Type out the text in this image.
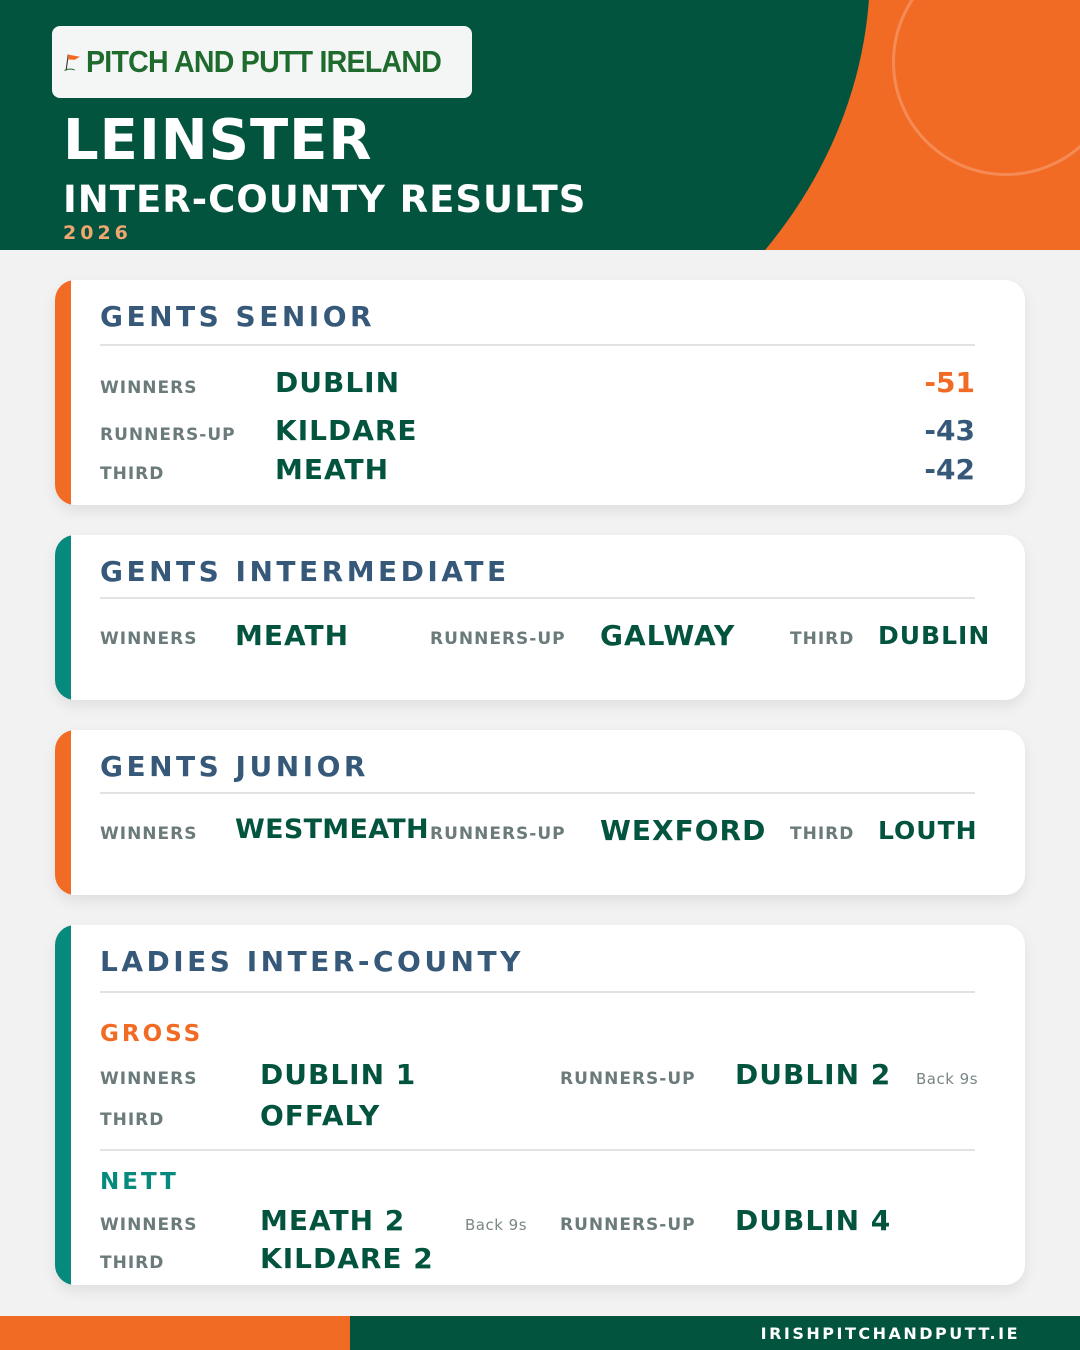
PITCH AND PUTT IRELAND
LEINSTER
INTER-COUNTY RESULTS
2026
GENTS SENIOR
WINNERS	DUBLIN	-51
RUNNERS-UP KILDARE	-43
THIRD	MEATH	-42
GENTS INTERMEDIATE
WINNERS MEATH	RUNNERS-UP GALWAY	THIRD DUBLIN
GENTS JUNIOR
WINNERS WESTMEATH RUNNERS-UP WEXFORD THIRD LOUTH
LADIES INTER-COUNTY
GROSS
WINNERS DUBLIN 1	RUNNERS-UP DUBLIN 2 Back 9s
THIRD	OFFALY
NETT
WINNERS MEATH 2	Back 9s RUNNERS-UP DUBLIN 4
THIRD	KILDARE 2
IRISHPITCHANDPUTT.IE
